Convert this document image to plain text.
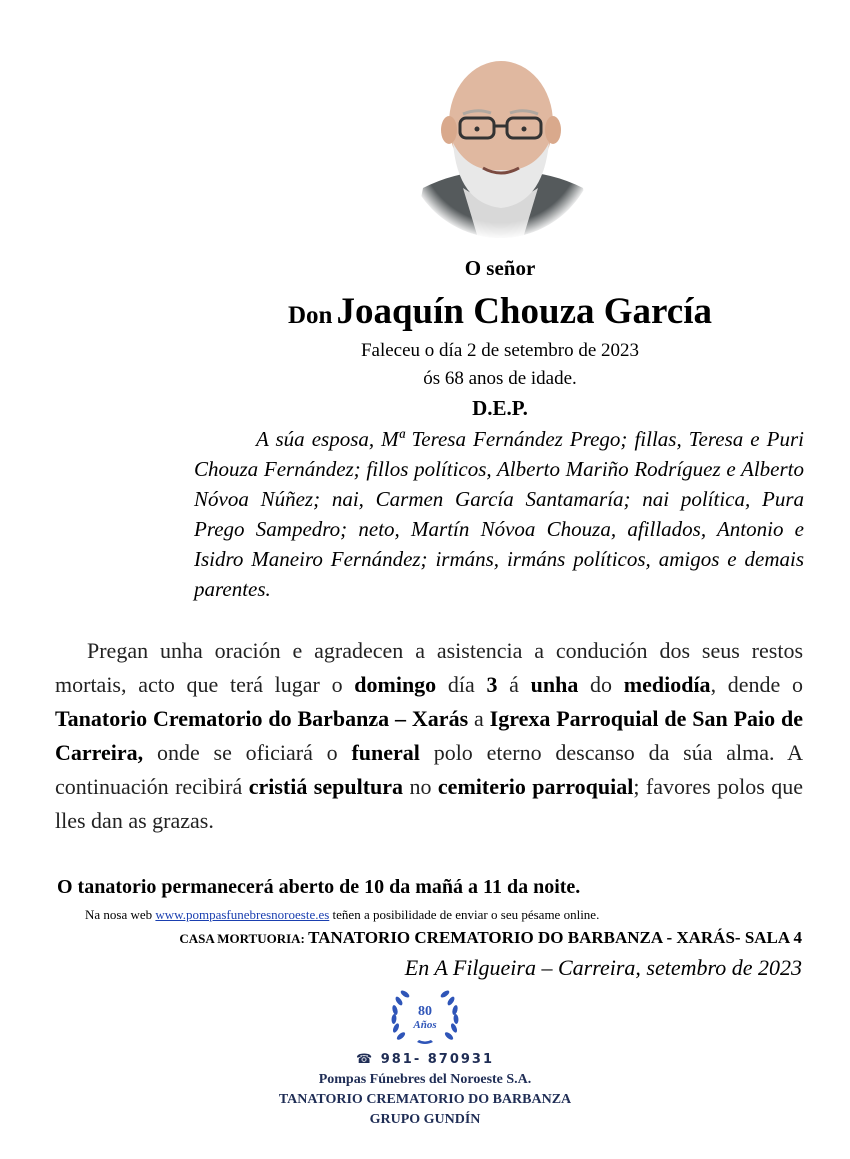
O señor
Don Joaquín Chouza García
Faleceu o día 2 de setembro de 2023
ós 68 anos de idade.
D.E.P.
A súa esposa, Mª Teresa Fernández Prego; fillas, Teresa e Puri Chouza Fernández; fillos políticos, Alberto Mariño Rodríguez e Alberto Nóvoa Núñez; nai, Carmen García Santamaría; nai política, Pura Prego Sampedro; neto, Martín Nóvoa Chouza, afillados, Antonio e Isidro Maneiro Fernández; irmáns, irmáns políticos, amigos e demais parentes.
Pregan unha oración e agradecen a asistencia a condución dos seus restos mortais, acto que terá lugar o domingo día 3 á unha do mediodía, dende o Tanatorio Crematorio do Barbanza – Xarás a Igrexa Parroquial de San Paio de Carreira, onde se oficiará o funeral polo eterno descanso da súa alma. A continuación recibirá cristiá sepultura no cemiterio parroquial; favores polos que lles dan as grazas.
O tanatorio permanecerá aberto de 10 da mañá a 11 da noite.
Na nosa web www.pompasfunebresnoroeste.es teñen a posibilidade de enviar o seu pésame online.
CASA MORTUORIA: TANATORIO CREMATORIO DO BARBANZA - XARÁS- SALA 4
En A Filgueira – Carreira, setembro de 2023
80
Años
☎ 981- 870931
Pompas Fúnebres del Noroeste S.A.
TANATORIO CREMATORIO DO BARBANZA
GRUPO GUNDÍN
